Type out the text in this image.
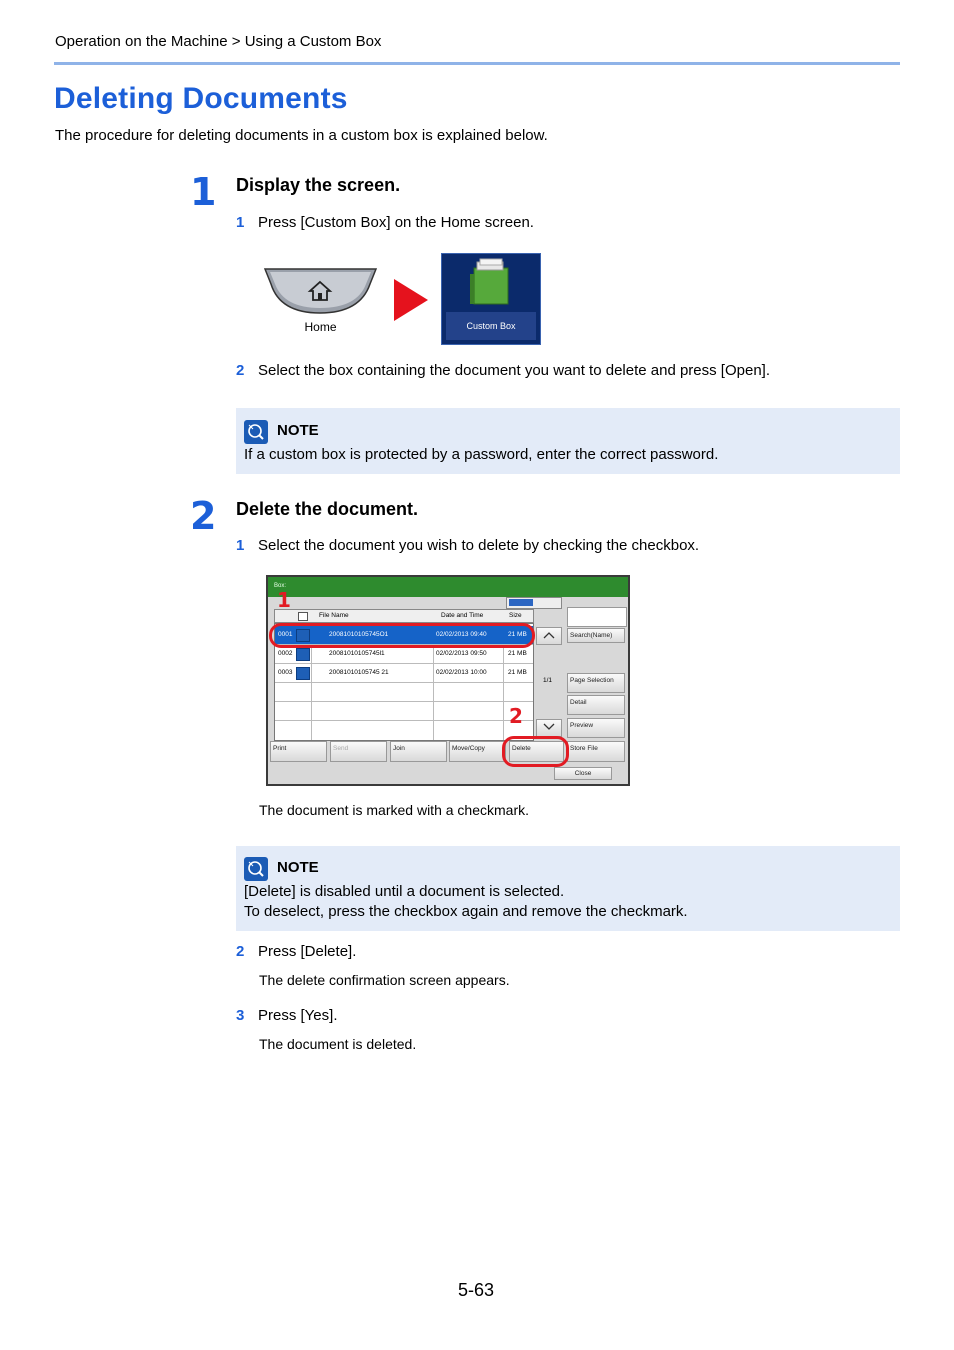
Operation on the Machine > Using a Custom Box
Deleting Documents
The procedure for deleting documents in a custom box is explained below.
1 Display the screen.
1 Press [Custom Box] on the Home screen.
Home	Custom Box
2 Select the box containing the document you want to delete and press [Open].
NOTE
If a custom box is protected by a password, enter the correct password.
2 Delete the document.
1 Select the document you wish to delete by checking the checkbox.
Box:
File Name	Date and Time	Size
0001	20081010105745O1	02/02/2013 09:40	21 MB
0002	20081010105745l1	02/02/2013 09:50	21 MB
0003	20081010105745 21	02/02/2013 10:00	21 MB
1/1
Search(Name)
Page Selection
Detail
Preview
Print	Send	Join	Move/Copy	Delete	Store File
Close
1
2
The document is marked with a checkmark.
NOTE
[Delete] is disabled until a document is selected.
To deselect, press the checkbox again and remove the checkmark.
2 Press [Delete].
The delete confirmation screen appears.
3 Press [Yes].
The document is deleted.
5-63
